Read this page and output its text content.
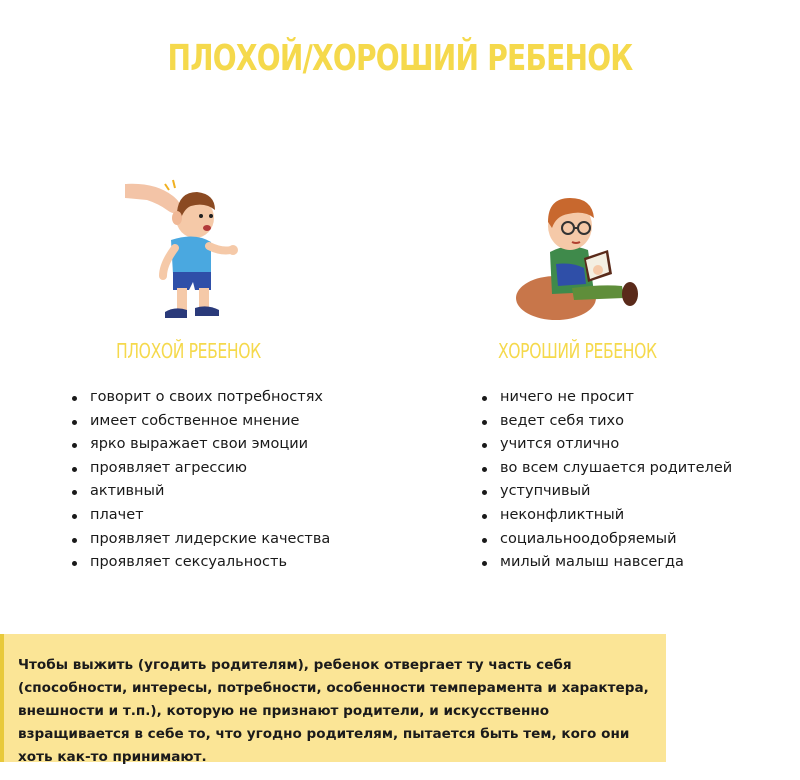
ПЛОХОЙ/ХОРОШИЙ РЕБЕНОК
ПЛОХОЙ РЕБЕНОК	ХОРОШИЙ РЕБЕНОК
говорит о своих потребностях
имеет собственное мнение
ярко выражает свои эмоции
проявляет агрессию
активный
плачет
проявляет лидерские качества
проявляет сексуальность
ничего не просит
ведет себя тихо
учится отлично
во всем слушается родителей
уступчивый
неконфликтный
социальноодобряемый
милый малыш навсегда

Чтобы выжить (угодить родителям), ребенок отвергает ту часть себя (способности, интересы, потребности, особенности темперамента и характера, внешности и т.п.), которую не признают родители, и искусственно взращивается в себе то, что угодно родителям, пытается быть тем, кого они хоть как-то принимают.
